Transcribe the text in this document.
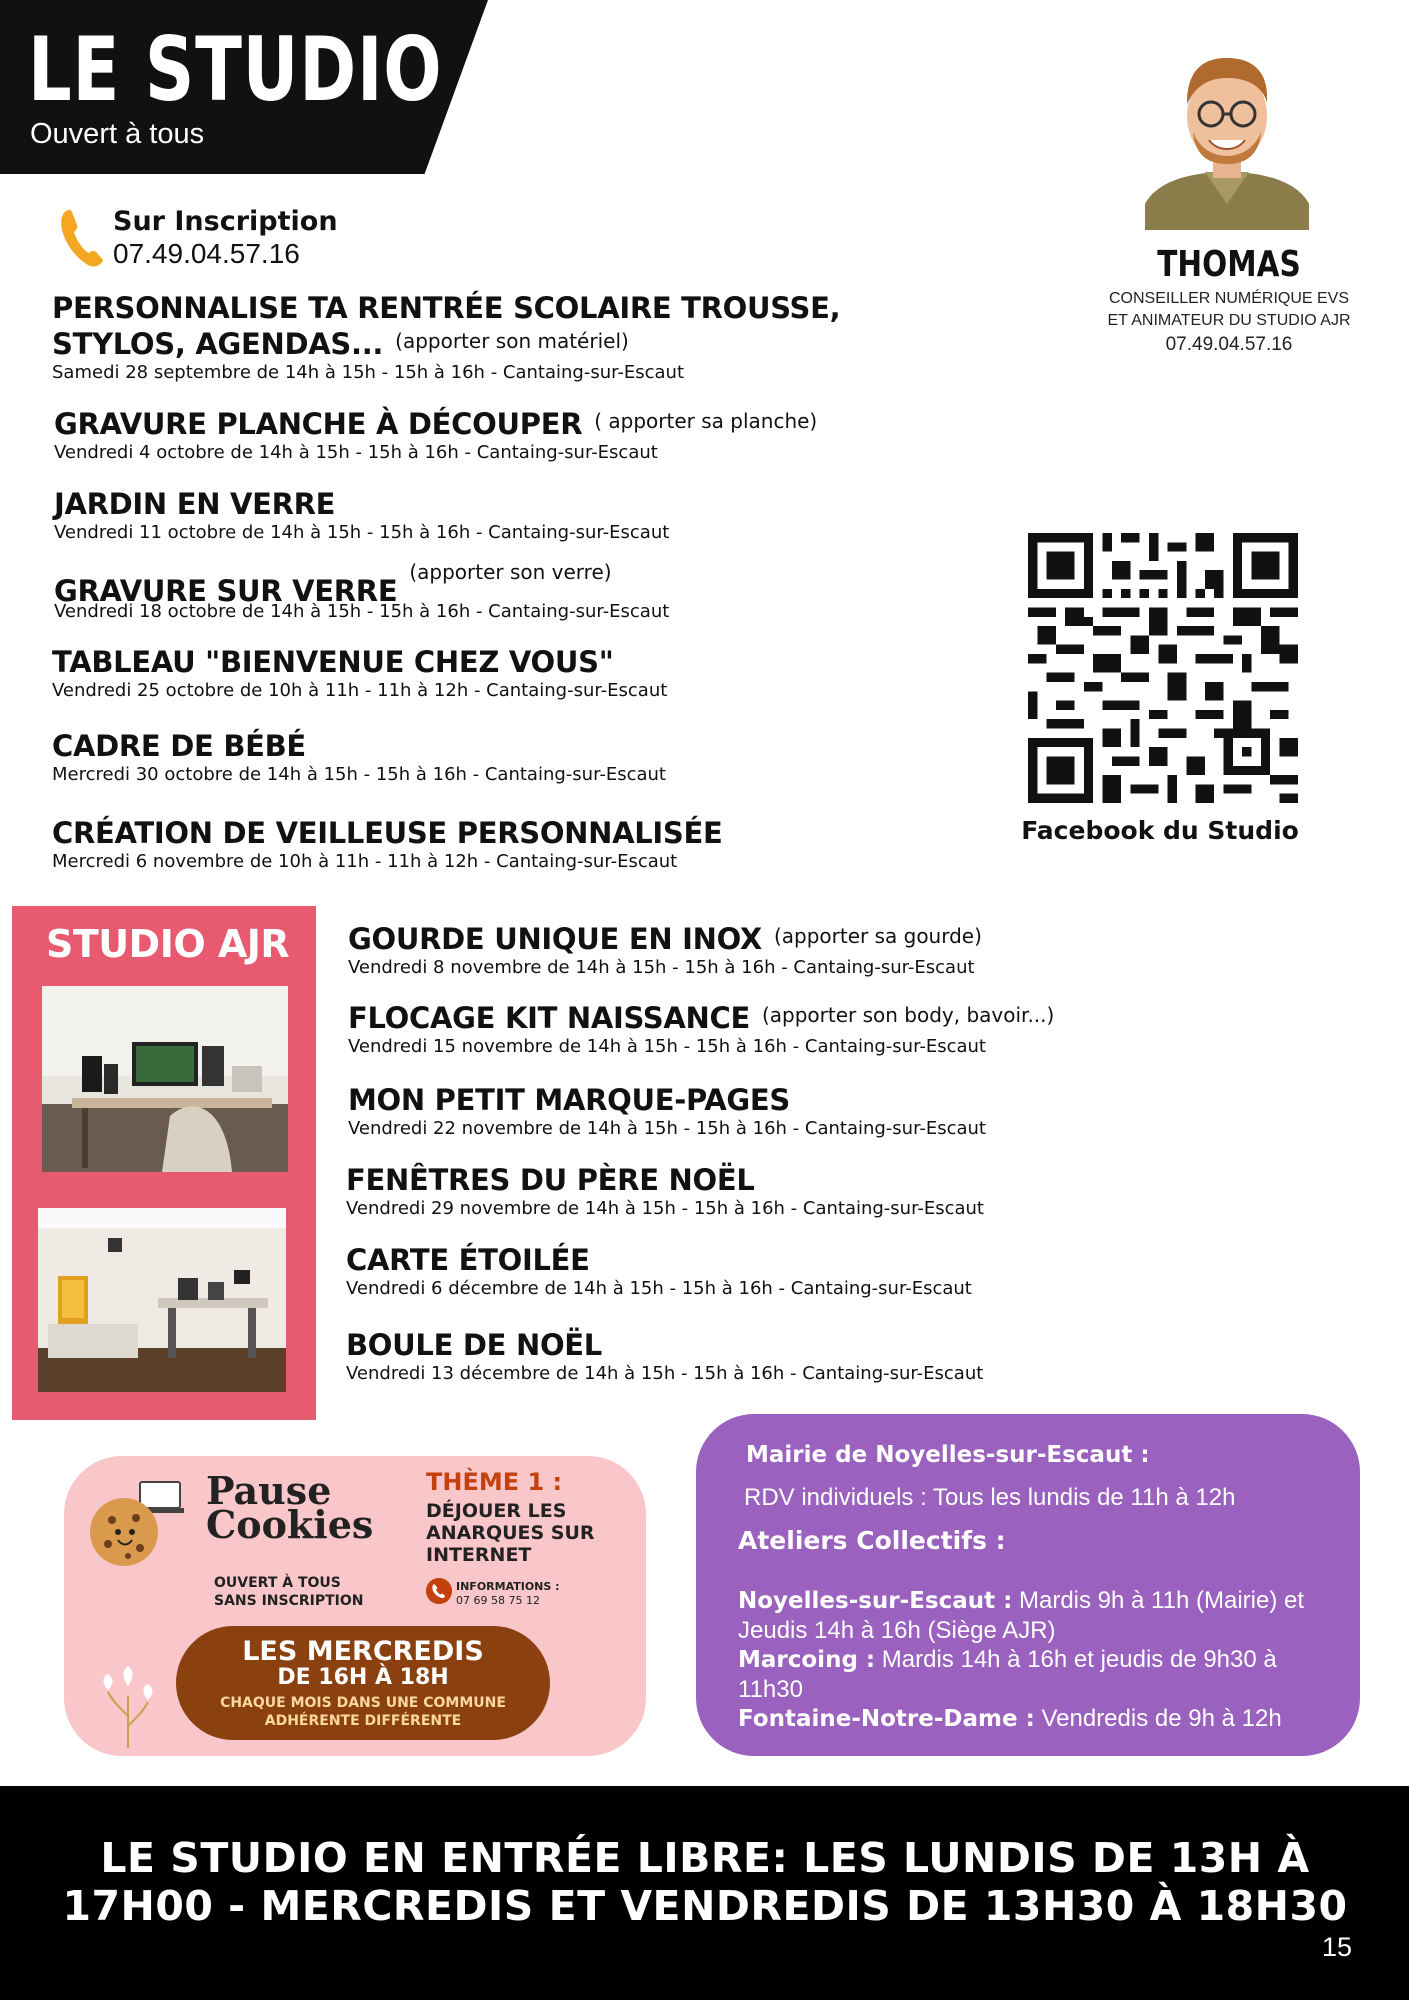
LE STUDIO
Ouvert à tous
Sur Inscription
07.49.04.57.16	THOMAS
CONSEILLER NUMÉRIQUE EVS
ET ANIMATEUR DU STUDIO AJR
07.49.04.57.16
PERSONNALISE TA RENTRÉE SCOLAIRE TROUSSE,
STYLOS, AGENDAS... $^{(apporter son matériel)}$
Samedi 28 septembre de 14h à 15h - 15h à 16h - Cantaing-sur-Escaut
GRAVURE PLANCHE À DÉCOUPER $^{( apporter sa planche)}$
Vendredi 4 octobre de 14h à 15h - 15h à 16h - Cantaing-sur-Escaut
JARDIN EN VERRE
Vendredi 11 octobre de 14h à 15h - 15h à 16h - Cantaing-sur-Escaut
GRAVURE SUR VERRE$^{(apporter son verre)}$
Vendredi 18 octobre de 14h à 15h - 15h à 16h - Cantaing-sur-Escaut
TABLEAU "BIENVENUE CHEZ VOUS"
Vendredi 25 octobre de 10h à 11h - 11h à 12h - Cantaing-sur-Escaut
CADRE DE BÉBÉ
Mercredi 30 octobre de 14h à 15h - 15h à 16h - Cantaing-sur-Escaut
CRÉATION DE VEILLEUSE PERSONNALISÉE
Mercredi 6 novembre de 10h à 11h - 11h à 12h - Cantaing-sur-Escaut
Facebook du Studio
STUDIO AJR GOURDE UNIQUE EN INOX $^{(apporter sa gourde)}$
Vendredi 8 novembre de 14h à 15h - 15h à 16h - Cantaing-sur-Escaut
FLOCAGE KIT NAISSANCE $^{(apporter son body, bavoir...)}$
Vendredi 15 novembre de 14h à 15h - 15h à 16h - Cantaing-sur-Escaut
MON PETIT MARQUE-PAGES
Vendredi 22 novembre de 14h à 15h - 15h à 16h - Cantaing-sur-Escaut
FENÊTRES DU PÈRE NOËL
Vendredi 29 novembre de 14h à 15h - 15h à 16h - Cantaing-sur-Escaut
CARTE ÉTOILÉE
Vendredi 6 décembre de 14h à 15h - 15h à 16h - Cantaing-sur-Escaut
BOULE DE NOËL
Vendredi 13 décembre de 14h à 15h - 15h à 16h - Cantaing-sur-Escaut
Pause
Cookies
THÈME 1 :
DÉJOUER LES ANARQUES SUR INTERNET
OUVERT À TOUS
SANS INSCRIPTION
INFORMATIONS :
07 69 58 75 12
LES MERCREDIS
DE 16H À 18H
CHAQUE MOIS DANS UNE COMMUNE
ADHÉRENTE DIFFÉRENTE
Mairie de Noyelles-sur-Escaut :
RDV individuels : Tous les lundis de 11h à 12h
Ateliers Collectifs :
Noyelles-sur-Escaut : Mardis 9h à 11h (Mairie) et Jeudis 14h à 16h (Siège AJR)
Marcoing : Mardis 14h à 16h et jeudis de 9h30 à 11h30
Fontaine-Notre-Dame : Vendredis de 9h à 12h
LE STUDIO EN ENTRÉE LIBRE: LES LUNDIS DE 13H À
17H00 - MERCREDIS ET VENDREDIS DE 13H30 À 18H30
15
